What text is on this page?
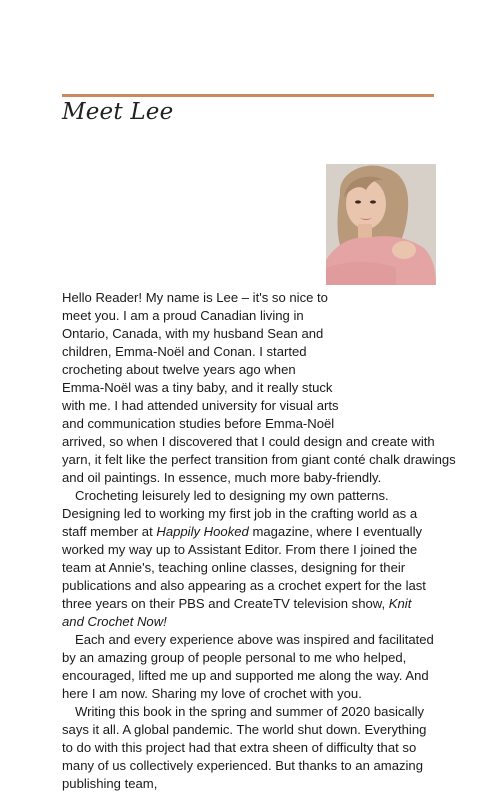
Meet Lee

Hello Reader! My name is Lee – it's so nice to
meet you. I am a proud Canadian living in
Ontario, Canada, with my husband Sean and
children, Emma-Noël and Conan. I started
crocheting about twelve years ago when
Emma-Noël was a tiny baby, and it really stuck
with me. I had attended university for visual arts
and communication studies before Emma-Noël
arrived, so when I discovered that I could design and create with
yarn, it felt like the perfect transition from giant conté chalk drawings
and oil paintings. In essence, much more baby-friendly.

Crocheting leisurely led to designing my own patterns. Designing led to working my first job in the crafting world as a staff member at Happily Hooked magazine, where I eventually worked my way up to Assistant Editor. From there I joined the team at Annie's, teaching online classes, designing for their publications and also appearing as a crochet expert for the last three years on their PBS and CreateTV television show, Knit and Crochet Now!

Each and every experience above was inspired and facilitated by an amazing group of people personal to me who helped, encouraged, lifted me up and supported me along the way. And here I am now. Sharing my love of crochet with you.

Writing this book in the spring and summer of 2020 basically says it all. A global pandemic. The world shut down. Everything to do with this project had that extra sheen of difficulty that so many of us collectively experienced. But thanks to an amazing publishing team,
